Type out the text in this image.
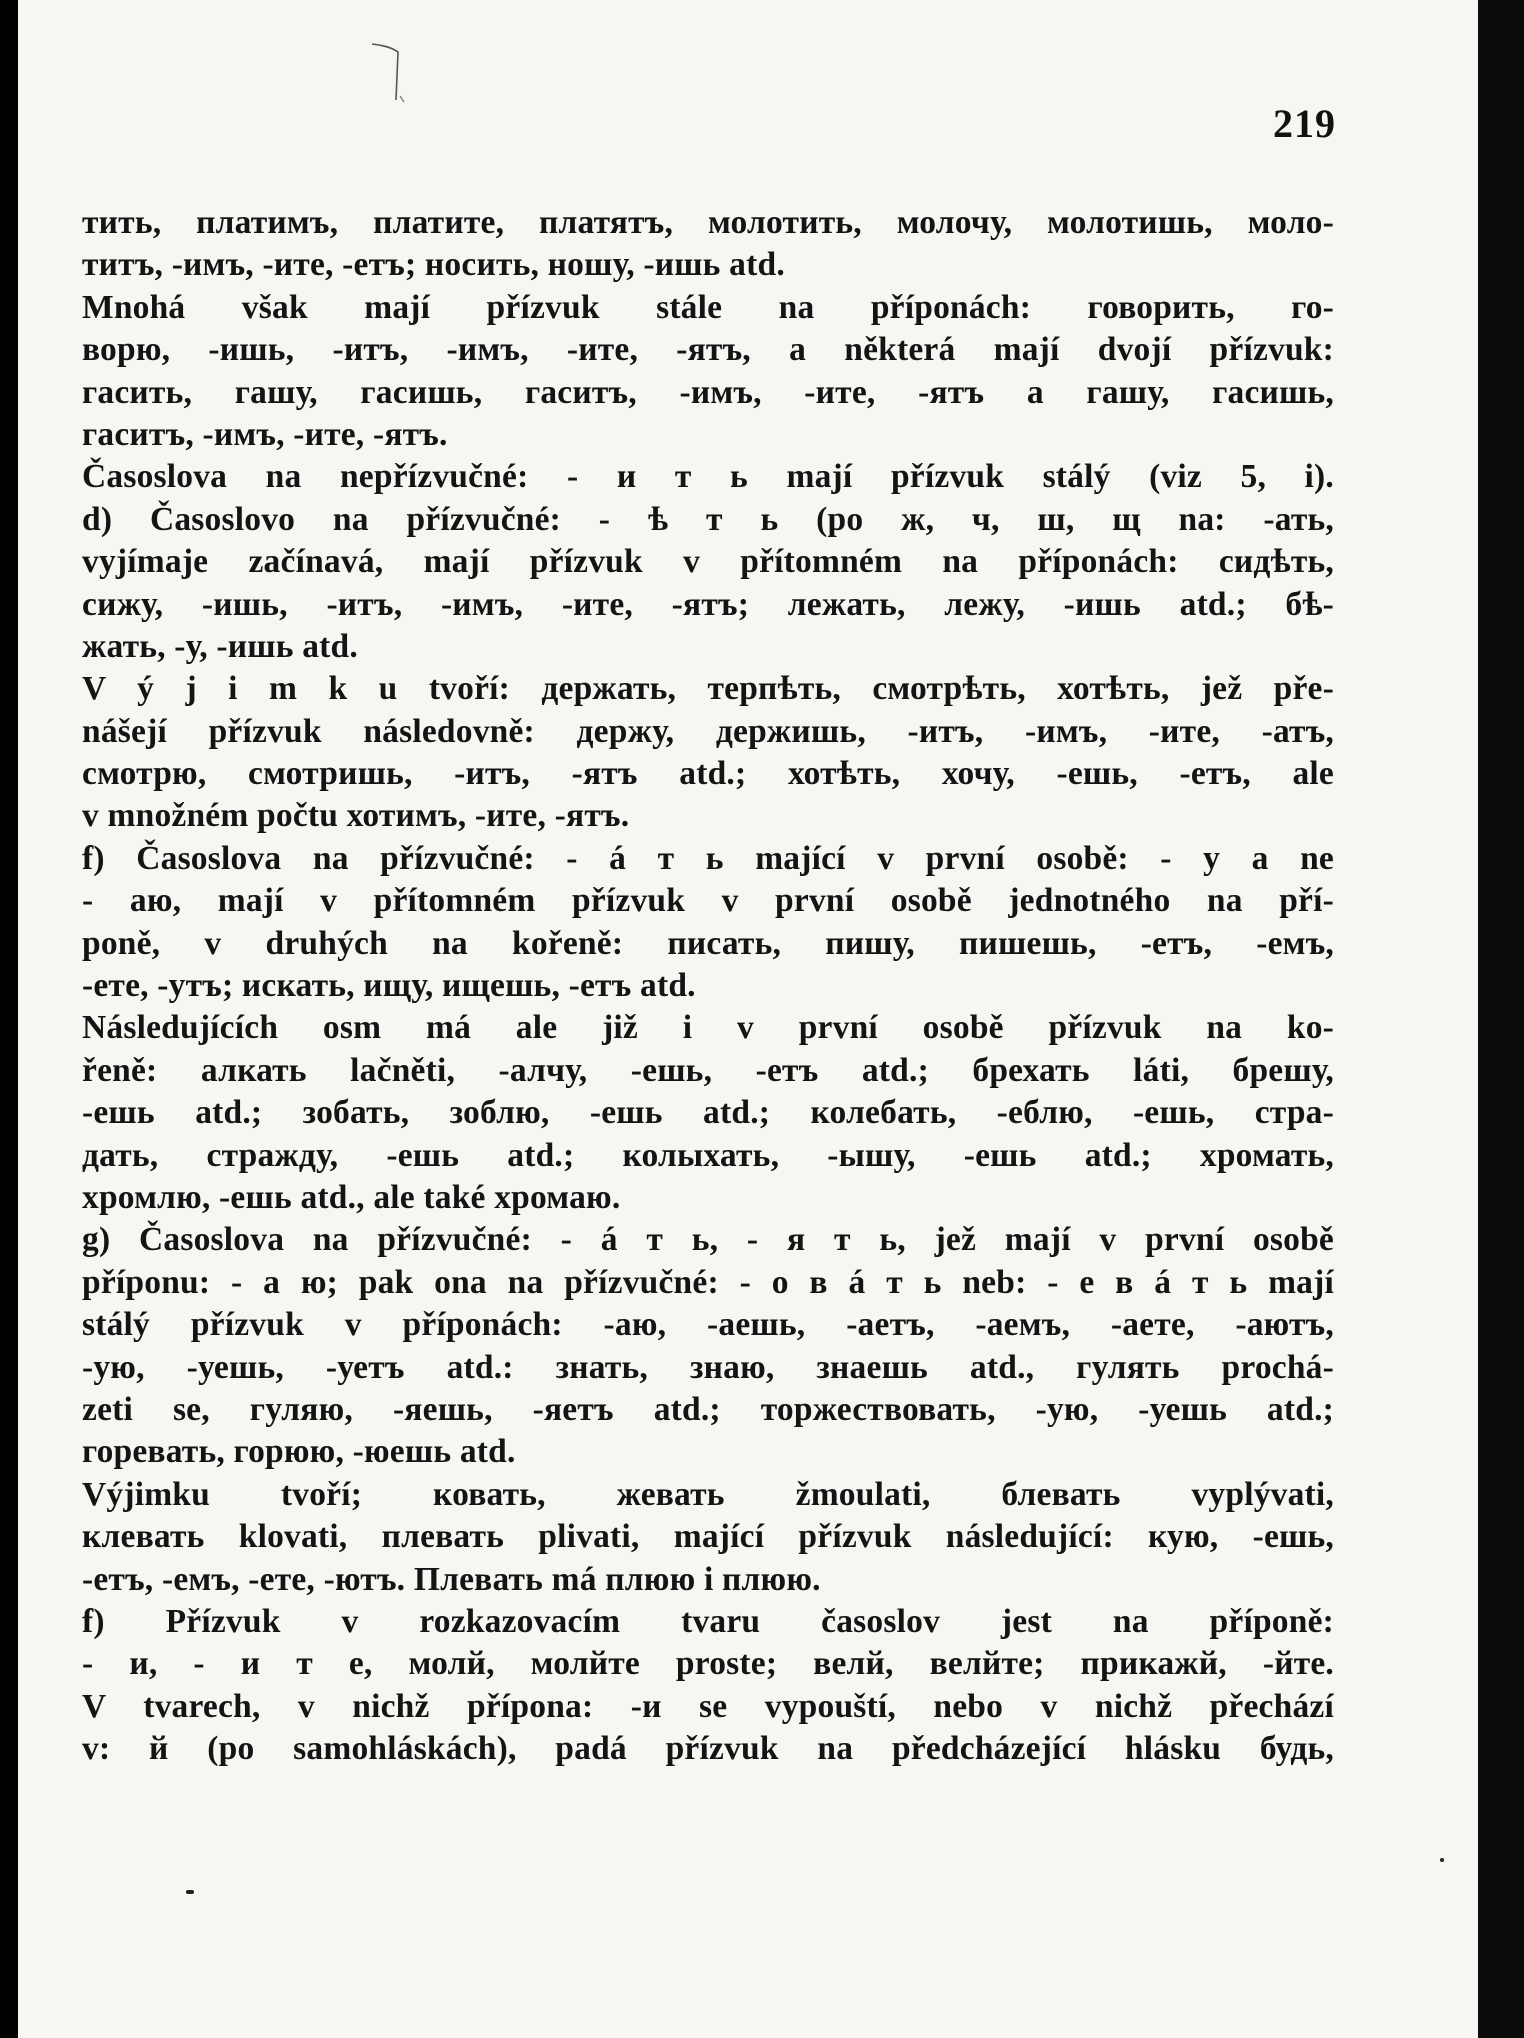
219
тить, платимъ, платите, платятъ, молотить, молочу, молотишь, моло-
титъ, -имъ, -ите, -етъ; носить, ношу, -ишь atd.
Mnohá však mají přízvuk stále na příponách: говорить, го-
ворю, -ишь, -итъ, -имъ, -ите, -ятъ, a některá mají dvojí přízvuk:
гасить, гашу, гасишь, гаситъ, -имъ, -ите, -ятъ a гашу, гасишь,
гаситъ, -имъ, -ите, -ятъ.
Časoslova na nepřízvučné: - и т ь mají přízvuk stálý (viz 5, i).
d) Časoslovo na přízvučné: - ѣ т ь (po ж, ч, ш, щ na: -ать,
vyjímaje začínavá, mají přízvuk v přítomném na příponách: сидѣть,
сижу, -ишь, -итъ, -имъ, -ите, -ятъ; лежать, лежу, -ишь atd.; бѣ-
жать, -у, -ишь atd.
V ý j i m k u tvoří: держать, терпѣть, смотрѣть, хотѣть, jež pře-
nášejí přízvuk následovně: держу, держишь, -итъ, -имъ, -ите, -атъ,
смотрю, смотришь, -итъ, -ятъ atd.; хотѣть, хочу, -ешь, -етъ, ale
v množném počtu хотимъ, -ите, -ятъ.
f) Časoslova na přízvučné: - á т ь mající v první osobě: - у a ne
- аю, mají v přítomném přízvuk v první osobě jednotného na pří-
poně, v druhých na kořeně: писать, пишу, пишешь, -етъ, -емъ,
-ете, -утъ; искать, ищу, ищешь, -етъ atd.
Následujících osm má ale již i v první osobě přízvuk na ko-
řeně: алкать lačněti, -алчу, -ешь, -етъ atd.; брехать láti, брешу,
-ешь atd.; зобать, зоблю, -ешь atd.; колебать, -еблю, -ешь, стра-
дать, стражду, -ешь atd.; колыхать, -ышу, -ешь atd.; хромать,
хромлю, -ешь atd., ale také хромаю.
g) Časoslova na přízvučné: - á т ь, - я т ь, jež mají v první osobě
příponu: - а ю; pak ona na přízvučné: - o в á т ь neb: - е в á т ь mají
stálý přízvuk v příponách: -аю, -аешь, -аетъ, -аемъ, -аете, -аютъ,
-ую, -уешь, -уетъ atd.: знать, знаю, знаешь atd., гулять prochá-
zeti se, гуляю, -яешь, -яетъ atd.; торжествовать, -ую, -уешь atd.;
горевать, горюю, -юешь atd.
Výjimku tvoří; ковать, жевать žmoulati, блевать vyplývati,
клевать klovati, плевать plivati, mající přízvuk následující: кую, -ешь,
-етъ, -емъ, -ете, -ютъ. Плевать má плюю i плюю.
f) Přízvuk v rozkazovacím tvaru časoslov jest na příponě:
- и, - и т е, молй, молйте proste; велй, велйте; прикажй, -йте.
V tvarech, v nichž přípona: -и se vypouští, nebo v nichž přechází
v: й (po samohláskách), padá přízvuk na předcházející hlásku будь,
